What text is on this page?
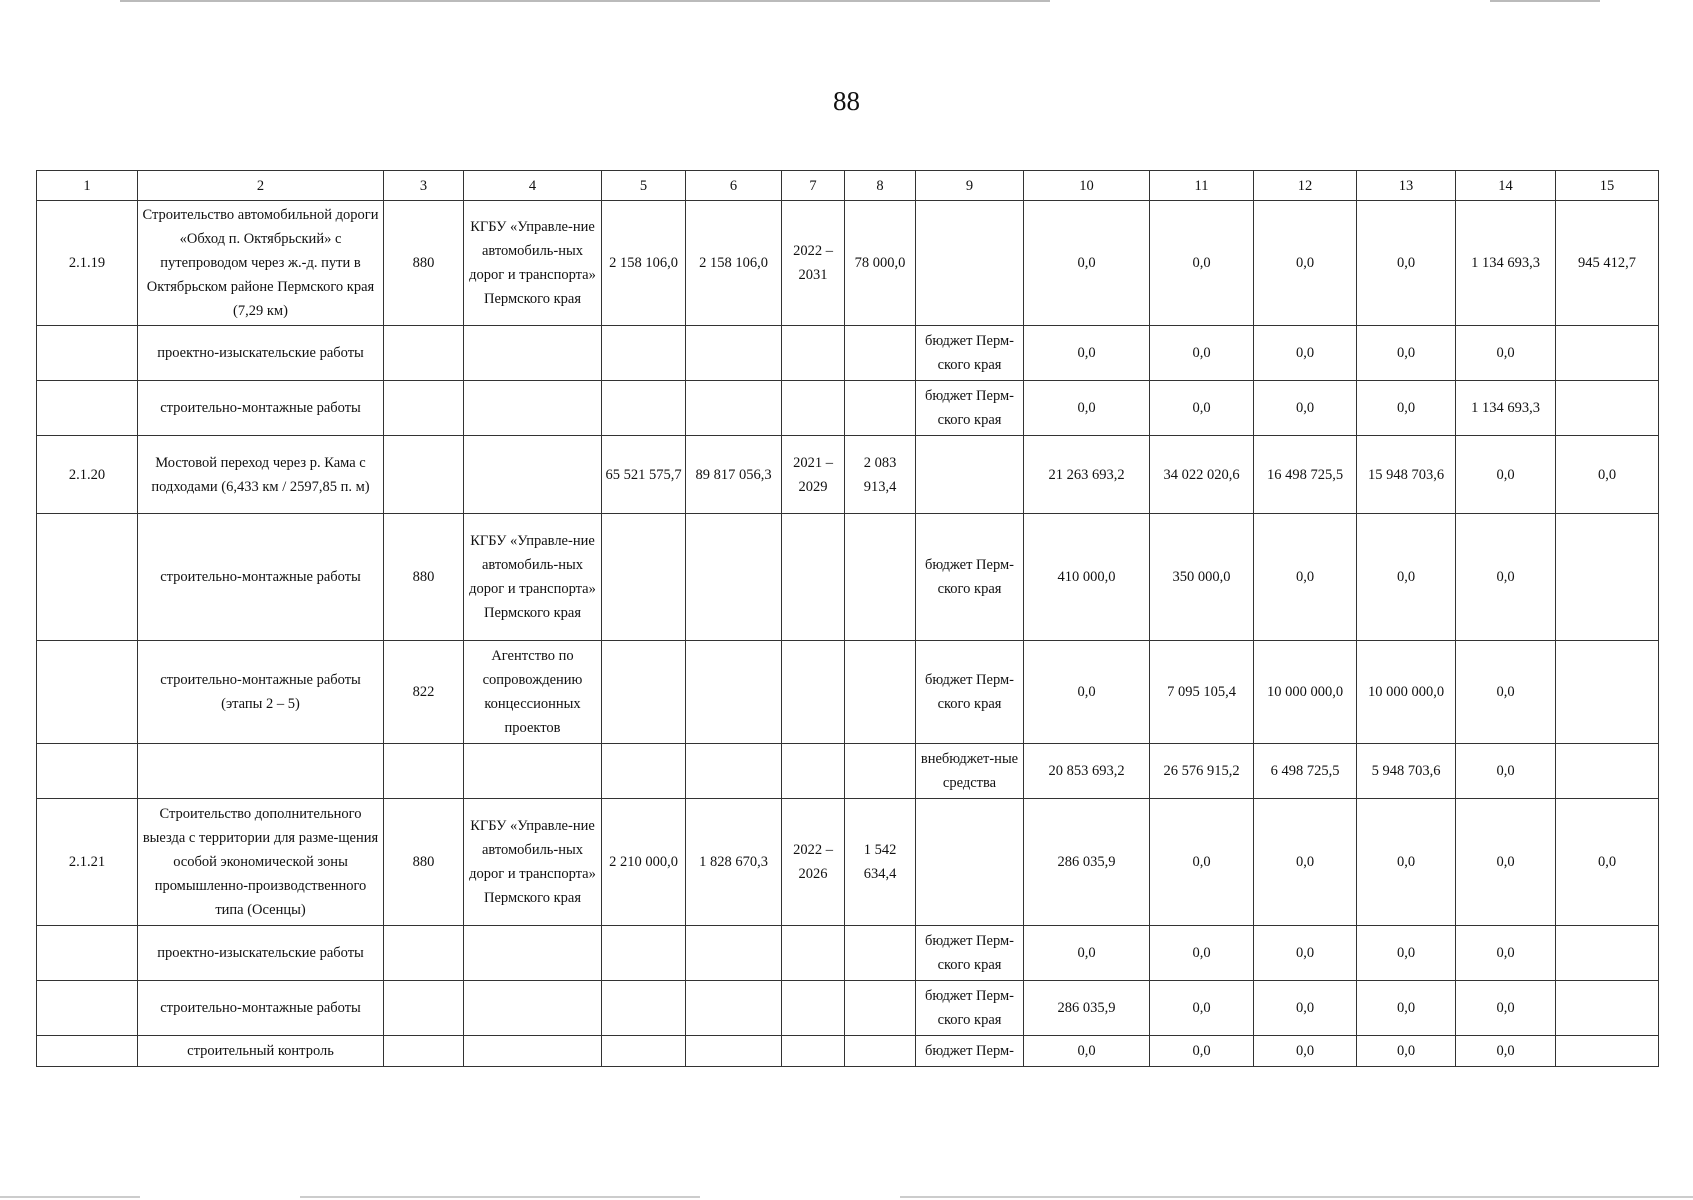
88
1	2	3	4	5	6	7	8	9	10	11	12	13	14	15
2.1.19	Строительство автомобильной дороги «Обход п. Октябрьский» с путепроводом через ж.-д. пути в Октябрьском районе Пермского края (7,29 км)	880	КГБУ «Управле-ние автомобиль-ных дорог и транспорта» Пермского края	2 158 106,0	2 158 106,0	2022 – 2031	78 000,0		0,0	0,0	0,0	0,0	1 134 693,3	945 412,7
	проектно-изыскательские работы							бюджет Перм-ского края	0,0	0,0	0,0	0,0	0,0	
	строительно-монтажные работы							бюджет Перм-ского края	0,0	0,0	0,0	0,0	1 134 693,3	
2.1.20	Мостовой переход через р. Кама с подходами (6,433 км / 2597,85 п. м)			65 521 575,7	89 817 056,3	2021 – 2029	2 083 913,4		21 263 693,2	34 022 020,6	16 498 725,5	15 948 703,6	0,0	0,0
	строительно-монтажные работы	880	КГБУ «Управле-ние автомобиль-ных дорог и транспорта» Пермского края					бюджет Перм-ского края	410 000,0	350 000,0	0,0	0,0	0,0	
	строительно-монтажные работы (этапы 2 – 5)	822	Агентство по сопровождению концессионных проектов					бюджет Перм-ского края	0,0	7 095 105,4	10 000 000,0	10 000 000,0	0,0	
								внебюджет-ные средства	20 853 693,2	26 576 915,2	6 498 725,5	5 948 703,6	0,0	
2.1.21	Строительство дополнительного выезда с территории для разме-щения особой экономической зоны промышленно-производственного типа (Осенцы)	880	КГБУ «Управле-ние автомобиль-ных дорог и транспорта» Пермского края	2 210 000,0	1 828 670,3	2022 – 2026	1 542 634,4		286 035,9	0,0	0,0	0,0	0,0	0,0
	проектно-изыскательские работы							бюджет Перм-ского края	0,0	0,0	0,0	0,0	0,0	
	строительно-монтажные работы							бюджет Перм-ского края	286 035,9	0,0	0,0	0,0	0,0	
	строительный контроль							бюджет Перм-	0,0	0,0	0,0	0,0	0,0	
